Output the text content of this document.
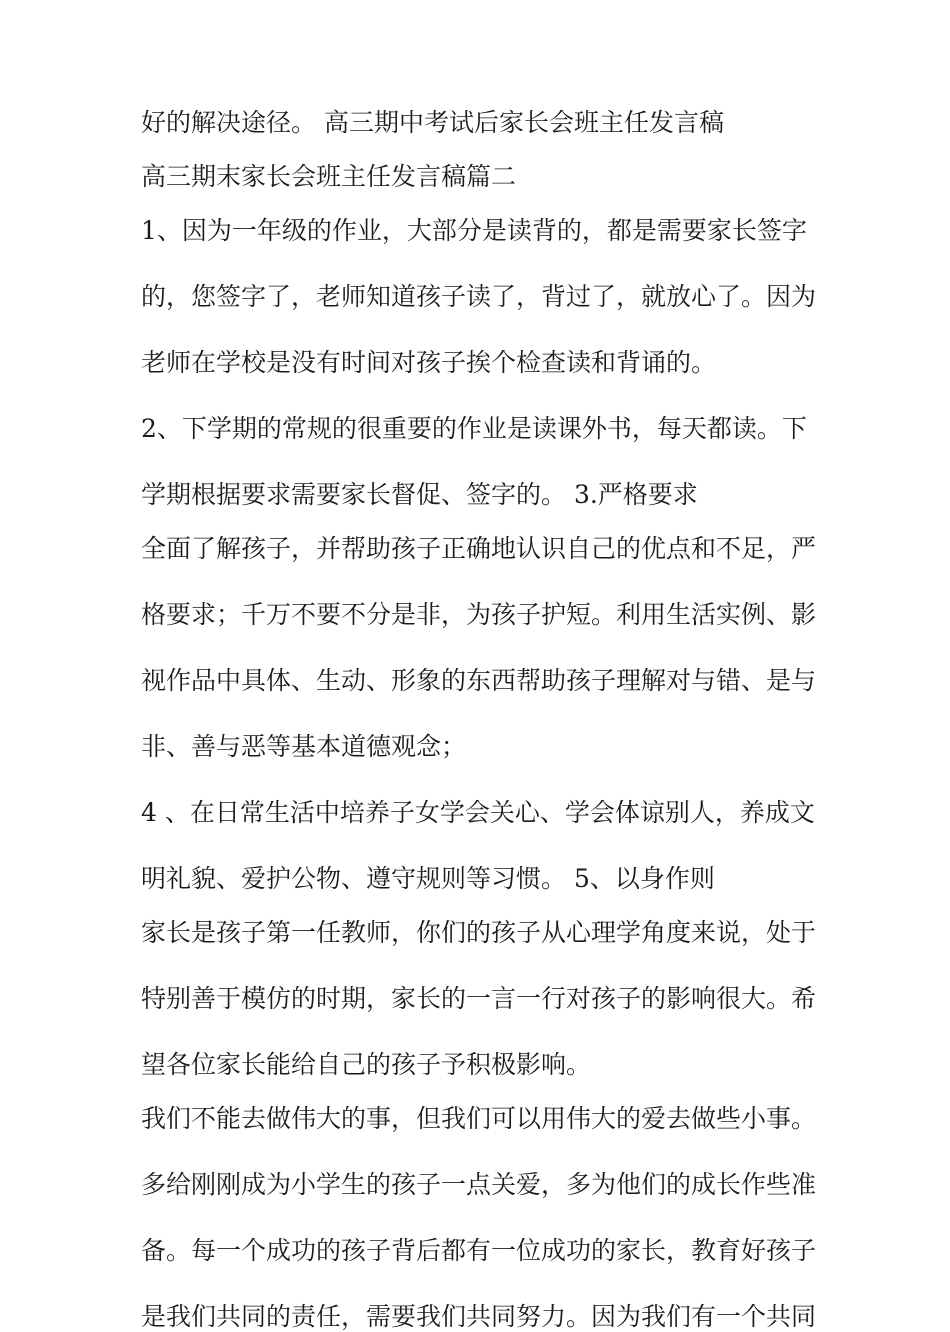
好的解决途径。 高三期中考试后家长会班主任发言稿

高三期末家长会班主任发言稿篇二

1、因为一年级的作业，大部分是读背的，都是需要家长签字

的，您签字了，老师知道孩子读了，背过了，就放心了。因为

老师在学校是没有时间对孩子挨个检查读和背诵的。

2、下学期的常规的很重要的作业是读课外书，每天都读。下

学期根据要求需要家长督促、签字的。 3.严格要求

全面了解孩子，并帮助孩子正确地认识自己的优点和不足，严

格要求；千万不要不分是非，为孩子护短。利用生活实例、影

视作品中具体、生动、形象的东西帮助孩子理解对与错、是与

非、善与恶等基本道德观念；

4 、在日常生活中培养子女学会关心、学会体谅别人，养成文

明礼貌、爱护公物、遵守规则等习惯。 5、以身作则

家长是孩子第一任教师，你们的孩子从心理学角度来说，处于

特别善于模仿的时期，家长的一言一行对孩子的影响很大。希

望各位家长能给自己的孩子予积极影响。

我们不能去做伟大的事，但我们可以用伟大的爱去做些小事。

多给刚刚成为小学生的孩子一点关爱，多为他们的成长作些准

备。每一个成功的孩子背后都有一位成功的家长，教育好孩子

是我们共同的责任，需要我们共同努力。因为我们有一个共同
